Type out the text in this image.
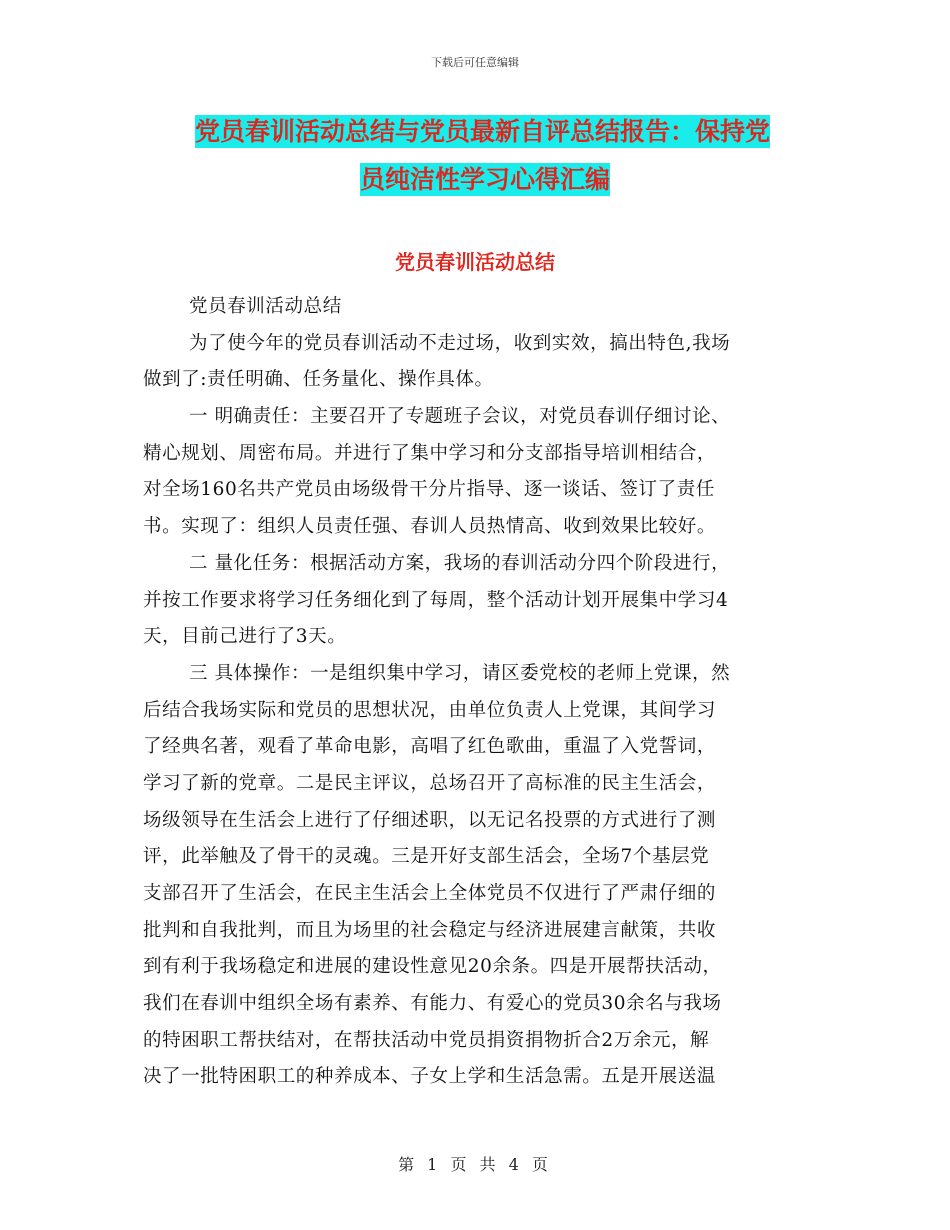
下载后可任意编辑
党员春训活动总结与党员最新自评总结报告：保持党
员纯洁性学习心得汇编
党员春训活动总结
党员春训活动总结
为了使今年的党员春训活动不走过场，收到实效，搞出特色,我场
做到了:责任明确、任务量化、操作具体。
一 明确责任：主要召开了专题班子会议，对党员春训仔细讨论、
精心规划、周密布局。并进行了集中学习和分支部指导培训相结合，
对全场160名共产党员由场级骨干分片指导、逐一谈话、签订了责任
书。实现了：组织人员责任强、春训人员热情高、收到效果比较好。
二 量化任务：根据活动方案，我场的春训活动分四个阶段进行，
并按工作要求将学习任务细化到了每周，整个活动计划开展集中学习4
天，目前己进行了3天。
三 具体操作：一是组织集中学习，请区委党校的老师上党课，然
后结合我场实际和党员的思想状况，由单位负责人上党课，其间学习
了经典名著，观看了革命电影，高唱了红色歌曲，重温了入党誓词，
学习了新的党章。二是民主评议，总场召开了高标准的民主生活会，
场级领导在生活会上进行了仔细述职，以无记名投票的方式进行了测
评，此举触及了骨干的灵魂。三是开好支部生活会，全场7个基层党
支部召开了生活会，在民主生活会上全体党员不仅进行了严肃仔细的
批判和自我批判，而且为场里的社会稳定与经济进展建言献策，共收
到有利于我场稳定和进展的建设性意见20余条。四是开展帮扶活动，
我们在春训中组织全场有素养、有能力、有爱心的党员30余名与我场
的特困职工帮扶结对，在帮扶活动中党员捐资捐物折合2万余元，解
决了一批特困职工的种养成本、子女上学和生活急需。五是开展送温
第 1 页 共 4 页
